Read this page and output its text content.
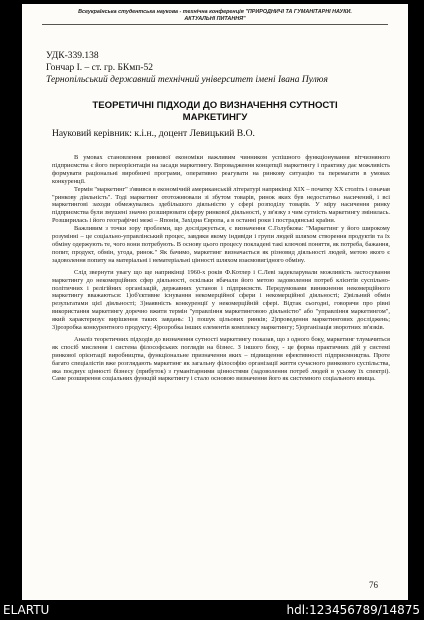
Всеукраїнська студентська наукова - технічна конференція "ПРИРОДНИЧІ ТА ГУМАНІТАРНІ НАУКИ.
АКТУАЛЬНІ ПИТАННЯ"
УДК-339.138
Гончар І. – ст. гр. БКмп-52
Тернопільський державний технічний університет імені Івана Пулюя
ТЕОРЕТИЧНІ ПІДХОДИ ДО ВИЗНАЧЕННЯ СУТНОСТІ
МАРКЕТИНГУ
Науковий керівник: к.і.н., доцент Левицький В.О.

В умовах становлення ринкової економіки важливим чинником успішного функціонування вітчизняного підприємства є його переорієнтація на засади маркетингу. Впровадження концепції маркетингу і практику дає можливість формувати раціональні виробничі програми, оперативно реагувати на ринкову ситуацію та перемагати в умовах конкуренції.

Термін "маркетинг" з'явився в економічній американській літературі наприкінці XIX – початку XX століть і означав "ринкову діяльність". Тоді маркетинг ототожнювали зі збутом товарів, ринок яких був недостатньо насичений, і всі маркетингові заходи обмежувались здебільшого діяльністю у сфері розподілу товарів. У міру насичення ринку підприємства були змушені значно розширювати сферу ринкової діяльності, у зв'язку з чим сутність маркетингу змінилась. Розширилась і його географічні межі – Японія, Західна Європа, а в останні роки і пострадянські країни.

Важливим з точки зору проблеми, що досліджується, є визначення С.Голубкова: "Маркетинг у його широкому розумінні – це соціально-управлінський процес, завдяки якому індивіди і групи людей шляхом створення продуктів та їх обміну одержують те, чого вони потребують. В основу цього процесу покладені такі ключові поняття, як потреба, бажання, попит, продукт, обмін, угода, ринок." Як бачимо, маркетинг визначається як різновид діяльності людей, метою якого є задоволення попиту на матеріальні і нематеріальні цінності шляхом взаємовигідного обміну.

Слід звернути увагу що ще наприкінці 1960-х років Ф.Котлер і С.Леві задекларували можливість застосування маркетингу до некомерційних сфер діяльності, оскільки вбачали його метою задоволення потреб клієнтів суспільно-політичних і релігійних організацій, державних установ і підприємств. Передумовами виникнення некомерційного маркетингу вважаються: 1)об'єктивне існування некомерційної сфери і некомерційної діяльності; 2)вільний обмін результатами цієї діяльності; 3)наявність конкуренції у некомерційній сфері. Відтак сьогодні, говорячи про рівні використання маркетингу доречно вжити термін "управління маркетинговою діяльністю" або "управління маркетингом", який характеризує вирішення таких завдань: 1) пошук цільових ринків; 2)проведення маркетингових досліджень; 3)розробка конкурентного продукту; 4)розробка інших елементів комплексу маркетингу; 5)організація зворотних зв'язків.

Аналіз теоретичних підходів до визначення сутності маркетингу показав, що з одного боку, маркетинг тлумачиться як спосіб мислення і система філософських поглядів на бізнес. З іншого боку, - це форма практичних дій у системі ринкової орієнтації виробництва, функціональне призначення яких – підвищення ефективності підприємництва. Проте багато спеціалістів вже розглядають маркетинг як загальну філософію організації життя сучасного ринкового суспільства, яка поєднує цінності бізнесу (прибуток) з гуманітарними цінностями (задоволення потреб людей в усьому їх спектрі). Саме розширення соціальних функцій маркетингу і стало основою визначення його як системного соціального явища.

76
ELARTU	hdl:123456789/14875
